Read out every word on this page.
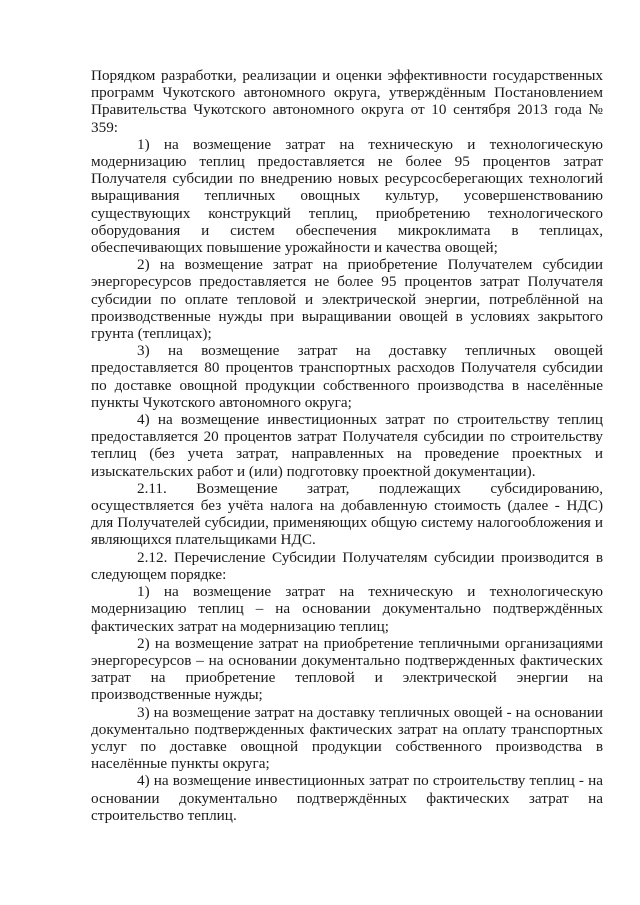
Порядком разработки, реализации и оценки эффективности государственных программ Чукотского автономного округа, утверждённым Постановлением Правительства Чукотского автономного округа от 10 сентября 2013 года № 359:

1) на возмещение затрат на техническую и технологическую модернизацию теплиц предоставляется не более 95 процентов затрат Получателя субсидии по внедрению новых ресурсосберегающих технологий выращивания тепличных овощных культур, усовершенствованию существующих конструкций теплиц, приобретению технологического оборудования и систем обеспечения микроклимата в теплицах, обеспечивающих повышение урожайности и качества овощей;

2) на возмещение затрат на приобретение Получателем субсидии энергоресурсов предоставляется не более 95 процентов затрат Получателя субсидии по оплате тепловой и электрической энергии, потреблённой на производственные нужды при выращивании овощей в условиях закрытого грунта (теплицах);

3) на возмещение затрат на доставку тепличных овощей предоставляется 80 процентов транспортных расходов Получателя субсидии по доставке овощной продукции собственного производства в населённые пункты Чукотского автономного округа;

4) на возмещение инвестиционных затрат по строительству теплиц предоставляется 20 процентов затрат Получателя субсидии по строительству теплиц (без учета затрат, направленных на проведение проектных и изыскательских работ и (или) подготовку проектной документации).

2.11. Возмещение затрат, подлежащих субсидированию, осуществляется без учёта налога на добавленную стоимость (далее - НДС) для Получателей субсидии, применяющих общую систему налогообложения и являющихся плательщиками НДС.

2.12. Перечисление Субсидии Получателям субсидии производится в следующем порядке:

1) на возмещение затрат на техническую и технологическую модернизацию теплиц – на основании документально подтверждённых фактических затрат на модернизацию теплиц;

2) на возмещение затрат на приобретение тепличными организациями энергоресурсов – на основании документально подтвержденных фактических затрат на приобретение тепловой и электрической энергии на производственные нужды;

3) на возмещение затрат на доставку тепличных овощей - на основании документально подтвержденных фактических затрат на оплату транспортных услуг по доставке овощной продукции собственного производства в населённые пункты округа;

4) на возмещение инвестиционных затрат по строительству теплиц - на основании документально подтверждённых фактических затрат на строительство теплиц.
